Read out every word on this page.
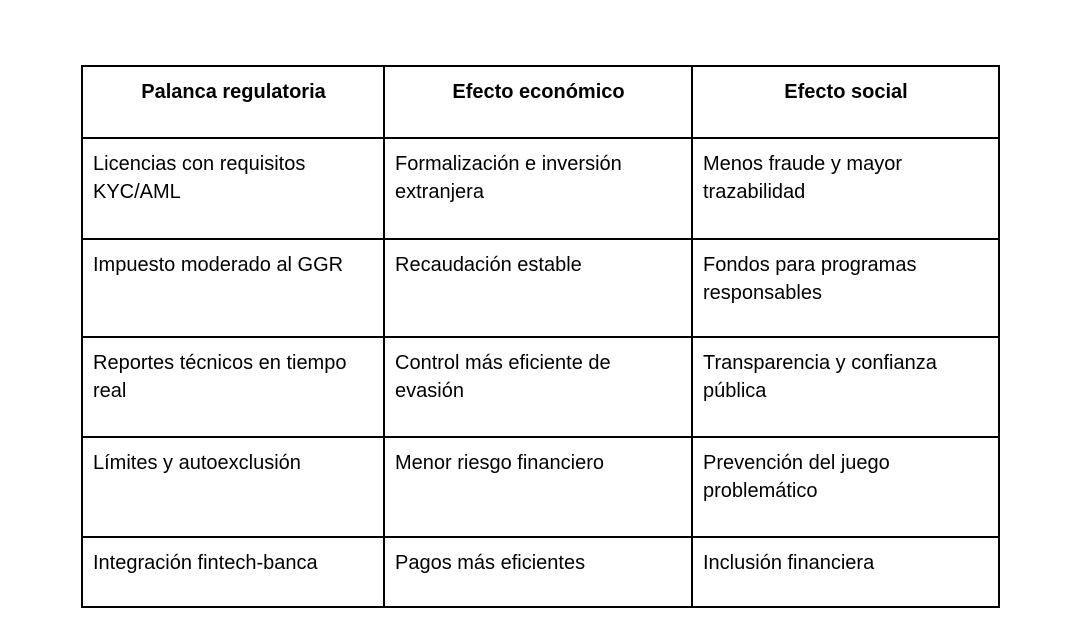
Palanca regulatoria	Efecto económico	Efecto social
Licencias con requisitos KYC/AML	Formalización e inversión extranjera	Menos fraude y mayor trazabilidad
Impuesto moderado al GGR	Recaudación estable	Fondos para programas responsables
Reportes técnicos en tiempo real	Control más eficiente de evasión	Transparencia y confianza pública
Límites y autoexclusión	Menor riesgo financiero	Prevención del juego problemático
Integración fintech-banca	Pagos más eficientes	Inclusión financiera
